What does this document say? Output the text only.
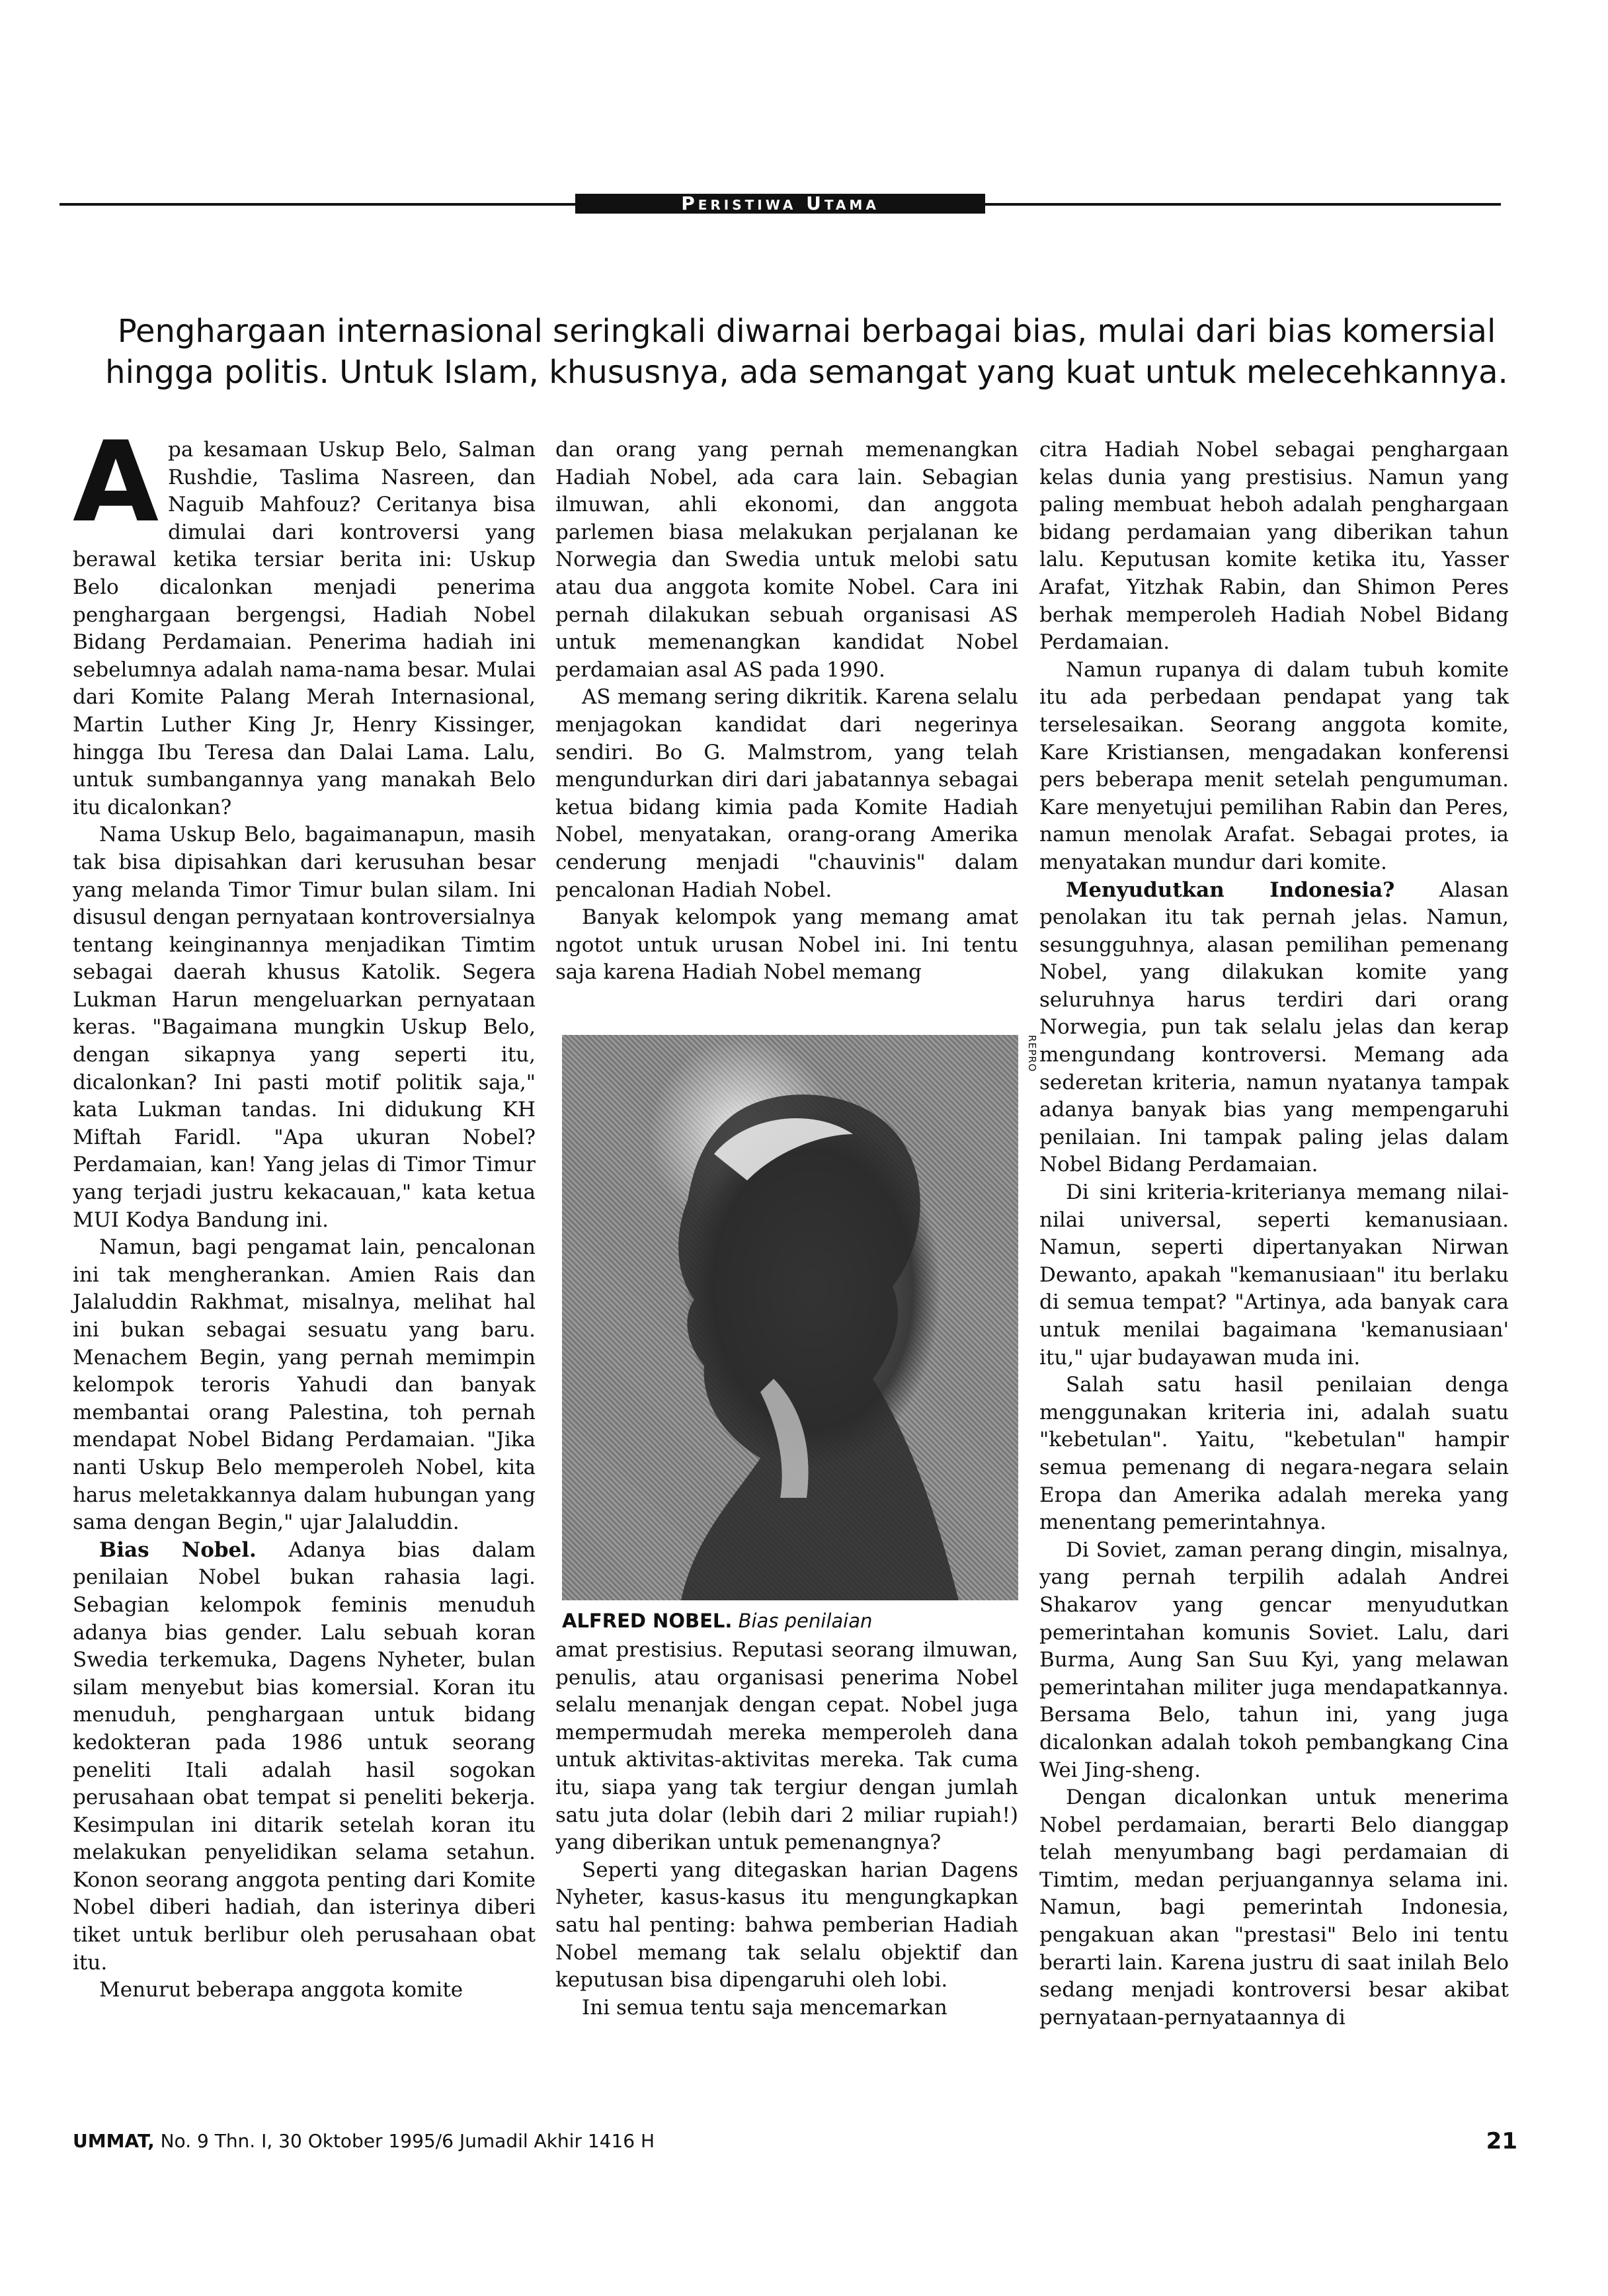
Peristiwa Utama
Penghargaan internasional seringkali diwarnai berbagai bias, mulai dari bias komersial hingga politis. Untuk Islam, khususnya, ada semangat yang kuat untuk melecehkannya.

Apa kesamaan Uskup Belo, Salman Rushdie, Taslima Nasreen, dan Naguib Mahfouz? Ceritanya bisa dimulai dari kontroversi yang berawal ketika tersiar berita ini: Uskup Belo dicalonkan menjadi penerima penghargaan bergengsi, Hadiah Nobel Bidang Perdamaian. Penerima hadiah ini sebelumnya adalah nama-nama besar. Mulai dari Komite Palang Merah Internasional, Martin Luther King Jr, Henry Kissinger, hingga Ibu Teresa dan Dalai Lama. Lalu, untuk sumbangannya yang manakah Belo itu dicalonkan?

Nama Uskup Belo, bagaimanapun, masih tak bisa dipisahkan dari kerusuhan besar yang melanda Timor Timur bulan silam. Ini disusul dengan pernyataan kontroversialnya tentang keinginannya menjadikan Timtim sebagai daerah khusus Katolik. Segera Lukman Harun mengeluarkan pernyataan keras. "Bagaimana mungkin Uskup Belo, dengan sikapnya yang seperti itu, dicalonkan? Ini pasti motif politik saja," kata Lukman tandas. Ini didukung KH Miftah Faridl. "Apa ukuran Nobel? Perdamaian, kan! Yang jelas di Timor Timur yang terjadi justru kekacauan," kata ketua MUI Kodya Bandung ini.

Namun, bagi pengamat lain, pencalonan ini tak mengherankan. Amien Rais dan Jalaluddin Rakhmat, misalnya, melihat hal ini bukan sebagai sesuatu yang baru. Menachem Begin, yang pernah memimpin kelompok teroris Yahudi dan banyak membantai orang Palestina, toh pernah mendapat Nobel Bidang Perdamaian. "Jika nanti Uskup Belo memperoleh Nobel, kita harus meletakkannya dalam hubungan yang sama dengan Begin," ujar Jalaluddin.

Bias Nobel. Adanya bias dalam penilaian Nobel bukan rahasia lagi. Sebagian kelompok feminis menuduh adanya bias gender. Lalu sebuah koran Swedia terkemuka, Dagens Nyheter, bulan silam menyebut bias komersial. Koran itu menuduh, penghargaan untuk bidang kedokteran pada 1986 untuk seorang peneliti Itali adalah hasil sogokan perusahaan obat tempat si peneliti bekerja. Kesimpulan ini ditarik setelah koran itu melakukan penyelidikan selama setahun. Konon seorang anggota penting dari Komite Nobel diberi hadiah, dan isterinya diberi tiket untuk berlibur oleh perusahaan obat itu.

Menurut beberapa anggota komite

dan orang yang pernah memenangkan Hadiah Nobel, ada cara lain. Sebagian ilmuwan, ahli ekonomi, dan anggota parlemen biasa melakukan perjalanan ke Norwegia dan Swedia untuk melobi satu atau dua anggota komite Nobel. Cara ini pernah dilakukan sebuah organisasi AS untuk memenangkan kandidat Nobel perdamaian asal AS pada 1990.

AS memang sering dikritik. Karena selalu menjagokan kandidat dari negerinya sendiri. Bo G. Malmstrom, yang telah mengundurkan diri dari jabatannya sebagai ketua bidang kimia pada Komite Hadiah Nobel, menyatakan, orang-orang Amerika cenderung menjadi "chauvinis" dalam pencalonan Hadiah Nobel.

Banyak kelompok yang memang amat ngotot untuk urusan Nobel ini. Ini tentu saja karena Hadiah Nobel memang

REPRO
ALFRED NOBEL. Bias penilaian

amat prestisius. Reputasi seorang ilmuwan, penulis, atau organisasi penerima Nobel selalu menanjak dengan cepat. Nobel juga mempermudah mereka memperoleh dana untuk aktivitas-aktivitas mereka. Tak cuma itu, siapa yang tak tergiur dengan jumlah satu juta dolar (lebih dari 2 miliar rupiah!) yang diberikan untuk pemenangnya?

Seperti yang ditegaskan harian Dagens Nyheter, kasus-kasus itu mengungkapkan satu hal penting: bahwa pemberian Hadiah Nobel memang tak selalu objektif dan keputusan bisa dipengaruhi oleh lobi.

Ini semua tentu saja mencemarkan

citra Hadiah Nobel sebagai penghargaan kelas dunia yang prestisius. Namun yang paling membuat heboh adalah penghargaan bidang perdamaian yang diberikan tahun lalu. Keputusan komite ketika itu, Yasser Arafat, Yitzhak Rabin, dan Shimon Peres berhak memperoleh Hadiah Nobel Bidang Perdamaian.

Namun rupanya di dalam tubuh komite itu ada perbedaan pendapat yang tak terselesaikan. Seorang anggota komite, Kare Kristiansen, mengadakan konferensi pers beberapa menit setelah pengumuman. Kare menyetujui pemilihan Rabin dan Peres, namun menolak Arafat. Sebagai protes, ia menyatakan mundur dari komite.

Menyudutkan Indonesia? Alasan penolakan itu tak pernah jelas. Namun, sesungguhnya, alasan pemilihan pemenang Nobel, yang dilakukan komite yang seluruhnya harus terdiri dari orang Norwegia, pun tak selalu jelas dan kerap mengundang kontroversi. Memang ada sederetan kriteria, namun nyatanya tampak adanya banyak bias yang mempengaruhi penilaian. Ini tampak paling jelas dalam Nobel Bidang Perdamaian.

Di sini kriteria-kriterianya memang nilai-nilai universal, seperti kemanusiaan. Namun, seperti dipertanyakan Nirwan Dewanto, apakah "kemanusiaan" itu berlaku di semua tempat? "Artinya, ada banyak cara untuk menilai bagaimana 'kemanusiaan' itu," ujar budayawan muda ini.

Salah satu hasil penilaian denga menggunakan kriteria ini, adalah suatu "kebetulan". Yaitu, "kebetulan" hampir semua pemenang di negara-negara selain Eropa dan Amerika adalah mereka yang menentang pemerintahnya.

Di Soviet, zaman perang dingin, misalnya, yang pernah terpilih adalah Andrei Shakarov yang gencar menyudutkan pemerintahan komunis Soviet. Lalu, dari Burma, Aung San Suu Kyi, yang melawan pemerintahan militer juga mendapatkannya. Bersama Belo, tahun ini, yang juga dicalonkan adalah tokoh pembangkang Cina Wei Jing-sheng.

Dengan dicalonkan untuk menerima Nobel perdamaian, berarti Belo dianggap telah menyumbang bagi perdamaian di Timtim, medan perjuangannya selama ini. Namun, bagi pemerintah Indonesia, pengakuan akan "prestasi" Belo ini tentu berarti lain. Karena justru di saat inilah Belo sedang menjadi kontroversi besar akibat pernyataan-pernyataannya di

UMMAT, No. 9 Thn. I, 30 Oktober 1995/6 Jumadil Akhir 1416 H	21
